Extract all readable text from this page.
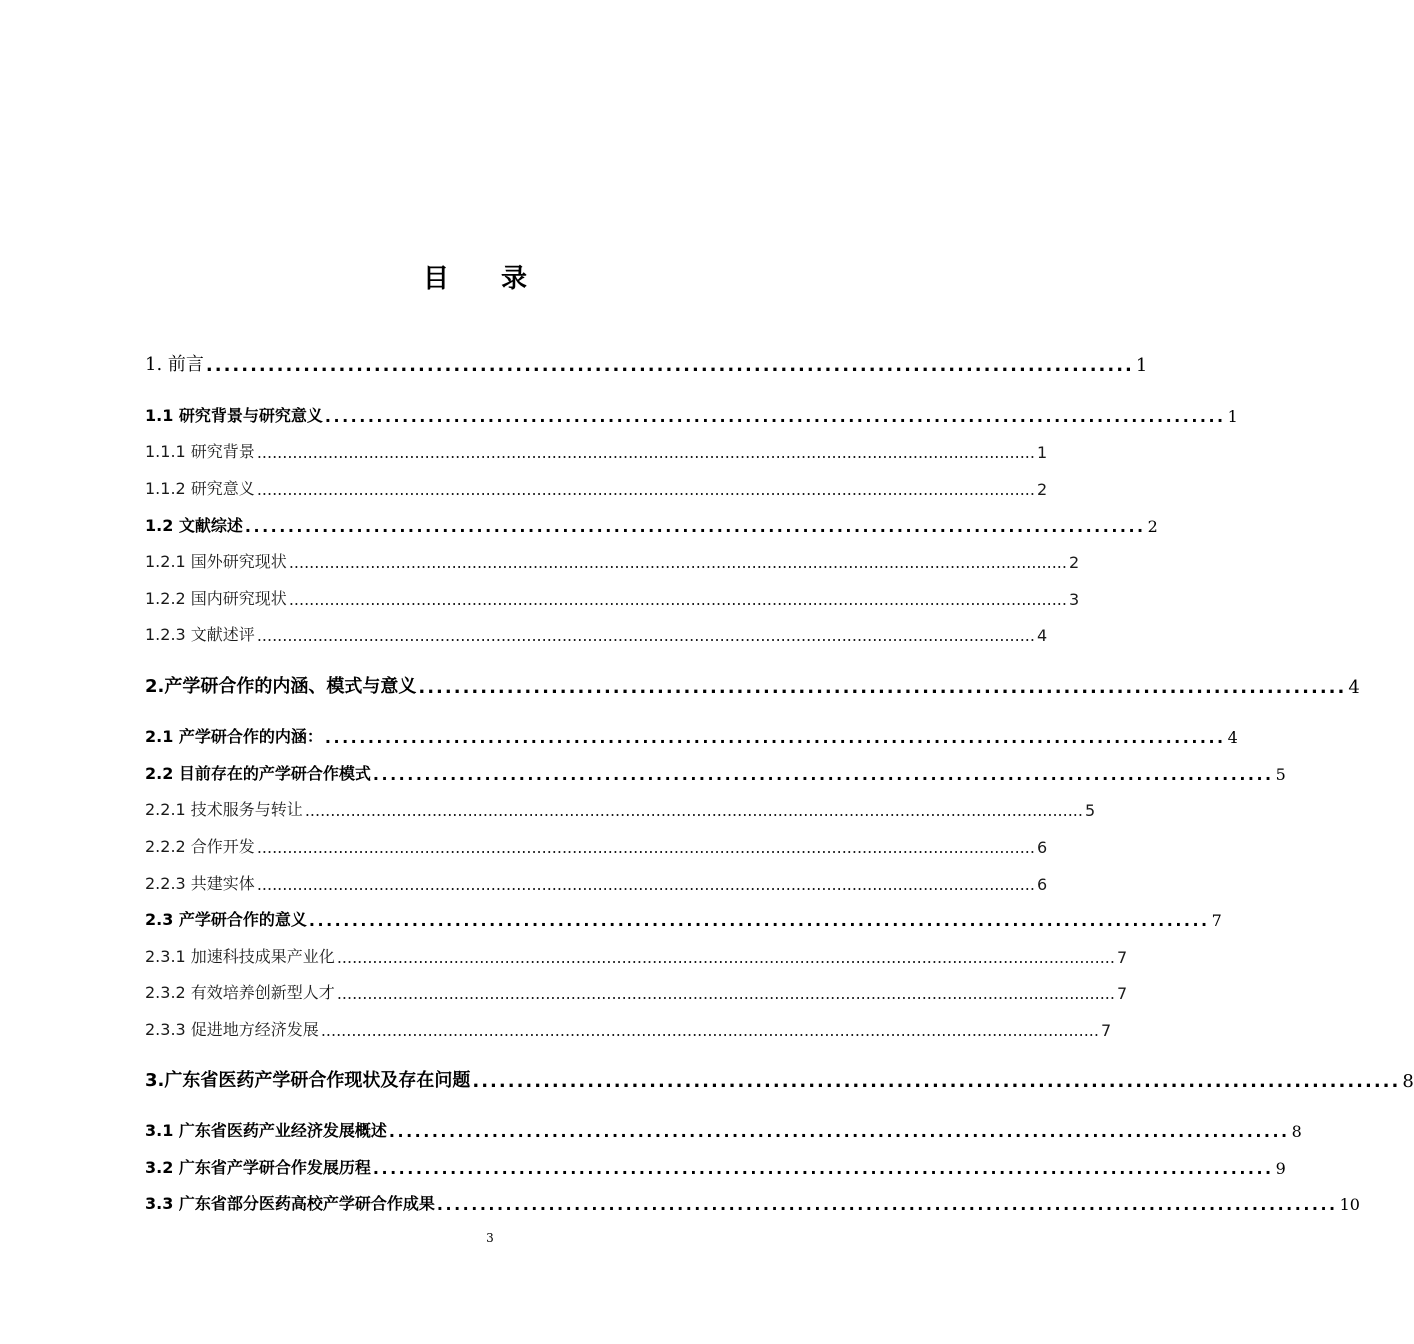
目　　录
1. 前言 ......................................................................................................... 1
1.1 研究背景与研究意义 ......................................................................................................... 1
1.1.1 研究背景 ......................................................................................................................................................... 1
1.1.2 研究意义 ......................................................................................................................................................... 2
1.2 文献综述 ......................................................................................................... 2
1.2.1 国外研究现状 ......................................................................................................................................................... 2
1.2.2 国内研究现状 ......................................................................................................................................................... 3
1.2.3 文献述评 ......................................................................................................................................................... 4
2.产学研合作的内涵、模式与意义 ......................................................................................................... 4
2.1 产学研合作的内涵： ......................................................................................................... 4
2.2 目前存在的产学研合作模式 ......................................................................................................... 5
2.2.1 技术服务与转让 ......................................................................................................................................................... 5
2.2.2 合作开发 ......................................................................................................................................................... 6
2.2.3 共建实体 ......................................................................................................................................................... 6
2.3 产学研合作的意义 ......................................................................................................... 7
2.3.1 加速科技成果产业化 ......................................................................................................................................................... 7
2.3.2 有效培养创新型人才 ......................................................................................................................................................... 7
2.3.3 促进地方经济发展 ......................................................................................................................................................... 7
3.广东省医药产学研合作现状及存在问题 ......................................................................................................... 8
3.1 广东省医药产业经济发展概述 ......................................................................................................... 8
3.2 广东省产学研合作发展历程 ......................................................................................................... 9
3.3 广东省部分医药高校产学研合作成果 ......................................................................................................... 10
3
